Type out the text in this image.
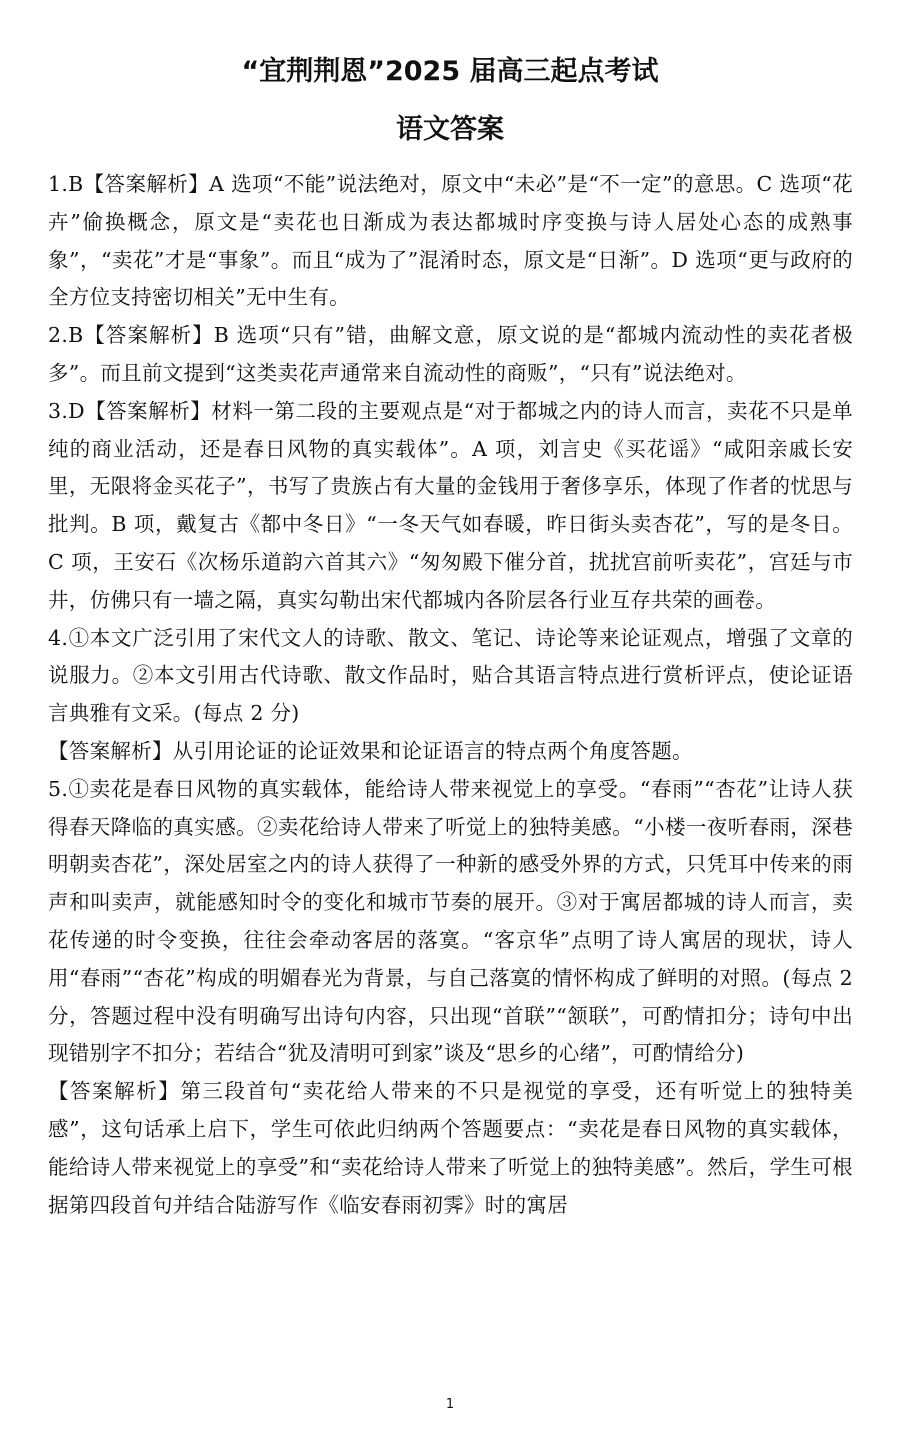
“宜荆荆恩”2025 届高三起点考试
语文答案

1.B【答案解析】A 选项“不能”说法绝对，原文中“未必”是“不一定”的意思。C 选项“花卉”偷换概念，原文是“卖花也日渐成为表达都城时序变换与诗人居处心态的成熟事象”，“卖花”才是“事象”。而且“成为了”混淆时态，原文是“日渐”。D 选项“更与政府的全方位支持密切相关”无中生有。

2.B【答案解析】B 选项“只有”错，曲解文意，原文说的是“都城内流动性的卖花者极多”。而且前文提到“这类卖花声通常来自流动性的商贩”，“只有”说法绝对。

3.D【答案解析】材料一第二段的主要观点是“对于都城之内的诗人而言，卖花不只是单纯的商业活动，还是春日风物的真实载体”。A 项，刘言史《买花谣》“咸阳亲戚长安里，无限将金买花子”，书写了贵族占有大量的金钱用于奢侈享乐，体现了作者的忧思与批判。B 项，戴复古《都中冬日》“一冬天气如春暖，昨日街头卖杏花”，写的是冬日。C 项，王安石《次杨乐道韵六首其六》“匆匆殿下催分首，扰扰宫前听卖花”，宫廷与市井，仿佛只有一墙之隔，真实勾勒出宋代都城内各阶层各行业互存共荣的画卷。

4.①本文广泛引用了宋代文人的诗歌、散文、笔记、诗论等来论证观点，增强了文章的说服力。②本文引用古代诗歌、散文作品时，贴合其语言特点进行赏析评点，使论证语言典雅有文采。(每点 2 分)

【答案解析】从引用论证的论证效果和论证语言的特点两个角度答题。

5.①卖花是春日风物的真实载体，能给诗人带来视觉上的享受。“春雨”“杏花”让诗人获得春天降临的真实感。②卖花给诗人带来了听觉上的独特美感。“小楼一夜听春雨，深巷明朝卖杏花”，深处居室之内的诗人获得了一种新的感受外界的方式，只凭耳中传来的雨声和叫卖声，就能感知时令的变化和城市节奏的展开。③对于寓居都城的诗人而言，卖花传递的时令变换，往往会牵动客居的落寞。“客京华”点明了诗人寓居的现状，诗人用“春雨”“杏花”构成的明媚春光为背景，与自己落寞的情怀构成了鲜明的对照。(每点 2 分，答题过程中没有明确写出诗句内容，只出现“首联”“颔联”，可酌情扣分；诗句中出现错别字不扣分；若结合“犹及清明可到家”谈及“思乡的心绪”，可酌情给分)

【答案解析】第三段首句“卖花给人带来的不只是视觉的享受，还有听觉上的独特美感”，这句话承上启下，学生可依此归纳两个答题要点：“卖花是春日风物的真实载体，能给诗人带来视觉上的享受”和“卖花给诗人带来了听觉上的独特美感”。然后，学生可根据第四段首句并结合陆游写作《临安春雨初霁》时的寓居

1
